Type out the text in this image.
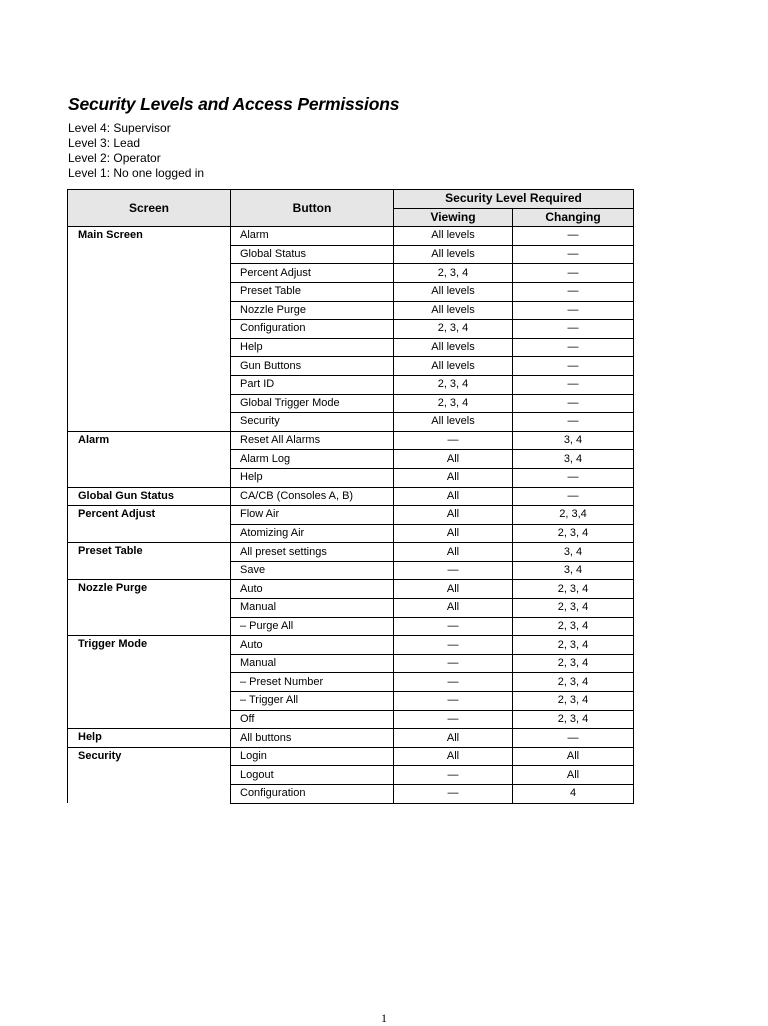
Security Levels and Access Permissions
Level 4: Supervisor
Level 3: Lead
Level 2: Operator
Level 1: No one logged in
Screen	Button	Security Level Required	
		Viewing	Changing
Main Screen	Alarm	All levels	—
	Global Status	All levels	—
	Percent Adjust	2, 3, 4	—
	Preset Table	All levels	—
	Nozzle Purge	All levels	—
	Configuration	2, 3, 4	—
	Help	All levels	—
	Gun Buttons	All levels	—
	Part ID	2, 3, 4	—
	Global Trigger Mode	2, 3, 4	—
	Security	All levels	—
Alarm	Reset All Alarms	—	3, 4
	Alarm Log	All	3, 4
	Help	All	—
Global Gun Status	CA/CB (Consoles A, B)	All	—
Percent Adjust	Flow Air	All	2, 3,4
	Atomizing Air	All	2, 3, 4
Preset Table	All preset settings	All	3, 4
	Save	—	3, 4
Nozzle Purge	Auto	All	2, 3, 4
	Manual	All	2, 3, 4
	– Purge All	—	2, 3, 4
Trigger Mode	Auto	—	2, 3, 4
	Manual	—	2, 3, 4
	– Preset Number	—	2, 3, 4
	– Trigger All	—	2, 3, 4
	Off	—	2, 3, 4
Help	All buttons	All	—
Security	Login	All	All
	Logout	—	All
	Configuration	—	4
1
